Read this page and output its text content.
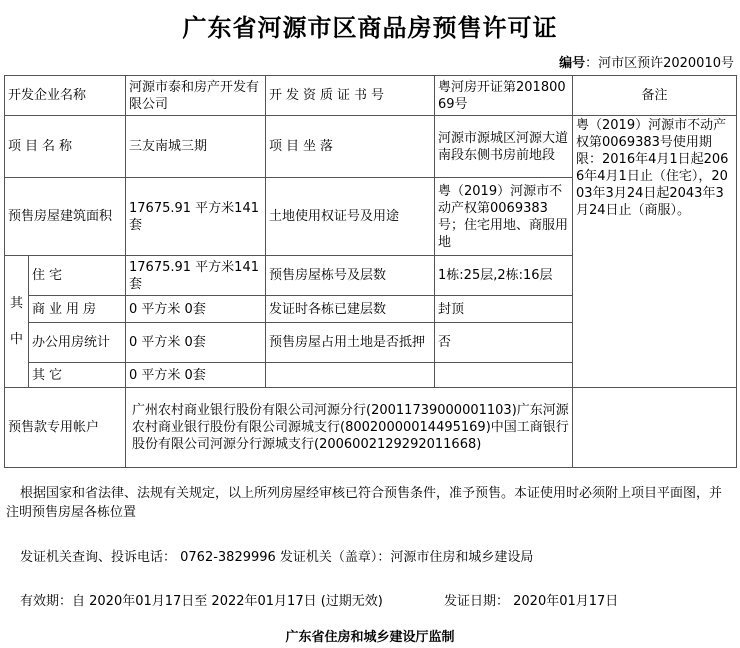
广东省河源市区商品房预售许可证
编号：河市区预许2020010号
开发企业名称		河源市泰和房产开发有限公司	开发资质证书号	粤河房开证第20180069号	备注
项目名称		三友南城三期	项目坐落	河源市源城区河源大道南段东侧书房前地段	粤（2019）河源市不动产权第0069383号使用期限：2016年4月1日起2066年4月1日止（住宅），2003年3月24日起2043年3月24日止（商服）。
预售房屋建筑面积		17675.91 平方米141套	土地使用权证号及用途	粤（2019）河源市不动产权第0069383号；住宅用地、商服用地	
其
中	住宅	17675.91 平方米141套	预售房屋栋号及层数	1栋:25层,2栋:16层	
	商业用房	0 平方米 0套	发证时各栋已建层数	封顶	
	办公用房统计	0 平方米 0套	预售房屋占用土地是否抵押	否	
	其它	0 平方米 0套			
预售款专用帐户		广州农村商业银行股份有限公司河源分行(20011739000001103)广东河源农村商业银行股份有限公司源城支行(80020000014495169)中国工商银行股份有限公司河源分行源城支行(2006002129292011668)			
根据国家和省法律、法规有关规定，以上所列房屋经审核已符合预售条件，准予预售。本证使用时必须附上项目平面图，并注明预售房屋各栋位置
发证机关查询、投诉电话： 0762-3829996 发证机关（盖章）：河源市住房和城乡建设局
有效期：自 2020年01月17日至 2022年01月17日 (过期无效)	发证日期： 2020年01月17日
广东省住房和城乡建设厅监制
